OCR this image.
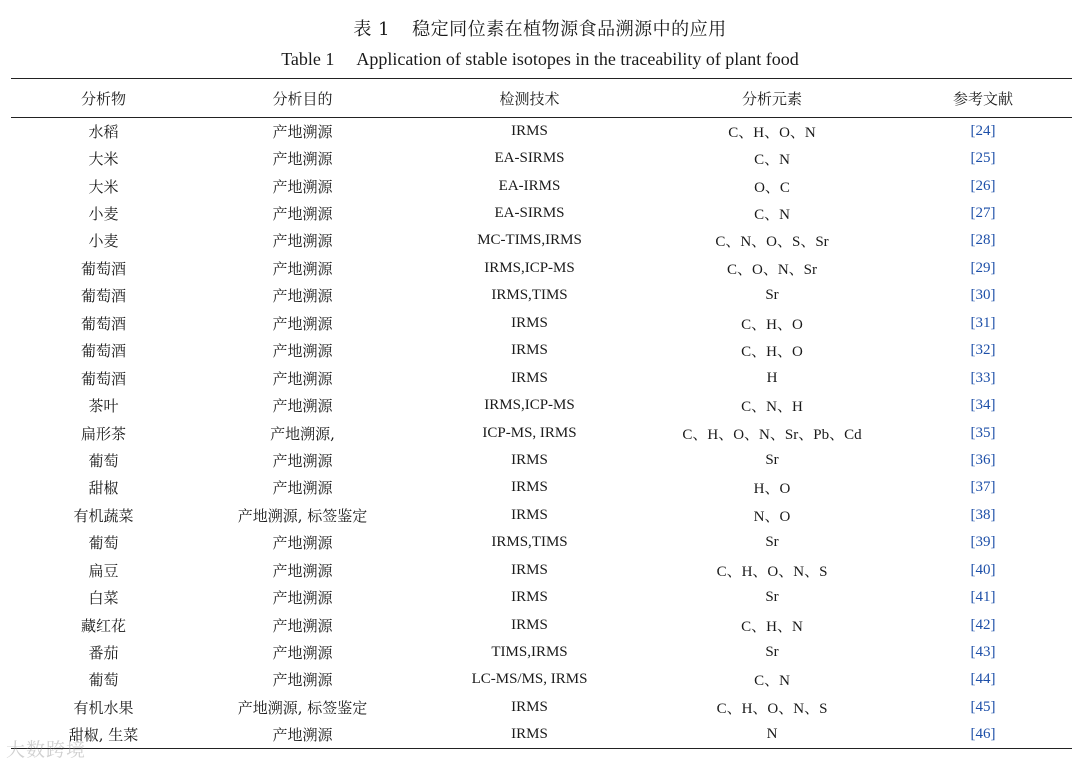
表 1 稳定同位素在植物源食品溯源中的应用
Table 1 Application of stable isotopes in the traceability of plant food
分析物	分析目的	检测技术	分析元素	参考文献
水稻	产地溯源	IRMS	C、H、O、N	[24]
大米	产地溯源	EA-SIRMS	C、N	[25]
大米	产地溯源	EA-IRMS	O、C	[26]
小麦	产地溯源	EA-SIRMS	C、N	[27]
小麦	产地溯源	MC-TIMS,IRMS	C、N、O、S、Sr	[28]
葡萄酒	产地溯源	IRMS,ICP-MS	C、O、N、Sr	[29]
葡萄酒	产地溯源	IRMS,TIMS	Sr	[30]
葡萄酒	产地溯源	IRMS	C、H、O	[31]
葡萄酒	产地溯源	IRMS	C、H、O	[32]
葡萄酒	产地溯源	IRMS	H	[33]
茶叶	产地溯源	IRMS,ICP-MS	C、N、H	[34]
扁形茶	产地溯源,	ICP-MS, IRMS	C、H、O、N、Sr、Pb、Cd	[35]
葡萄	产地溯源	IRMS	Sr	[36]
甜椒	产地溯源	IRMS	H、O	[37]
有机蔬菜	产地溯源, 标签鉴定	IRMS	N、O	[38]
葡萄	产地溯源	IRMS,TIMS	Sr	[39]
扁豆	产地溯源	IRMS	C、H、O、N、S	[40]
白菜	产地溯源	IRMS	Sr	[41]
藏红花	产地溯源	IRMS	C、H、N	[42]
番茄	产地溯源	TIMS,IRMS	Sr	[43]
葡萄	产地溯源	LC-MS/MS, IRMS	C、N	[44]
有机水果	产地溯源, 标签鉴定	IRMS	C、H、O、N、S	[45]
甜椒, 生菜	产地溯源	IRMS	N	[46]
大数跨境
